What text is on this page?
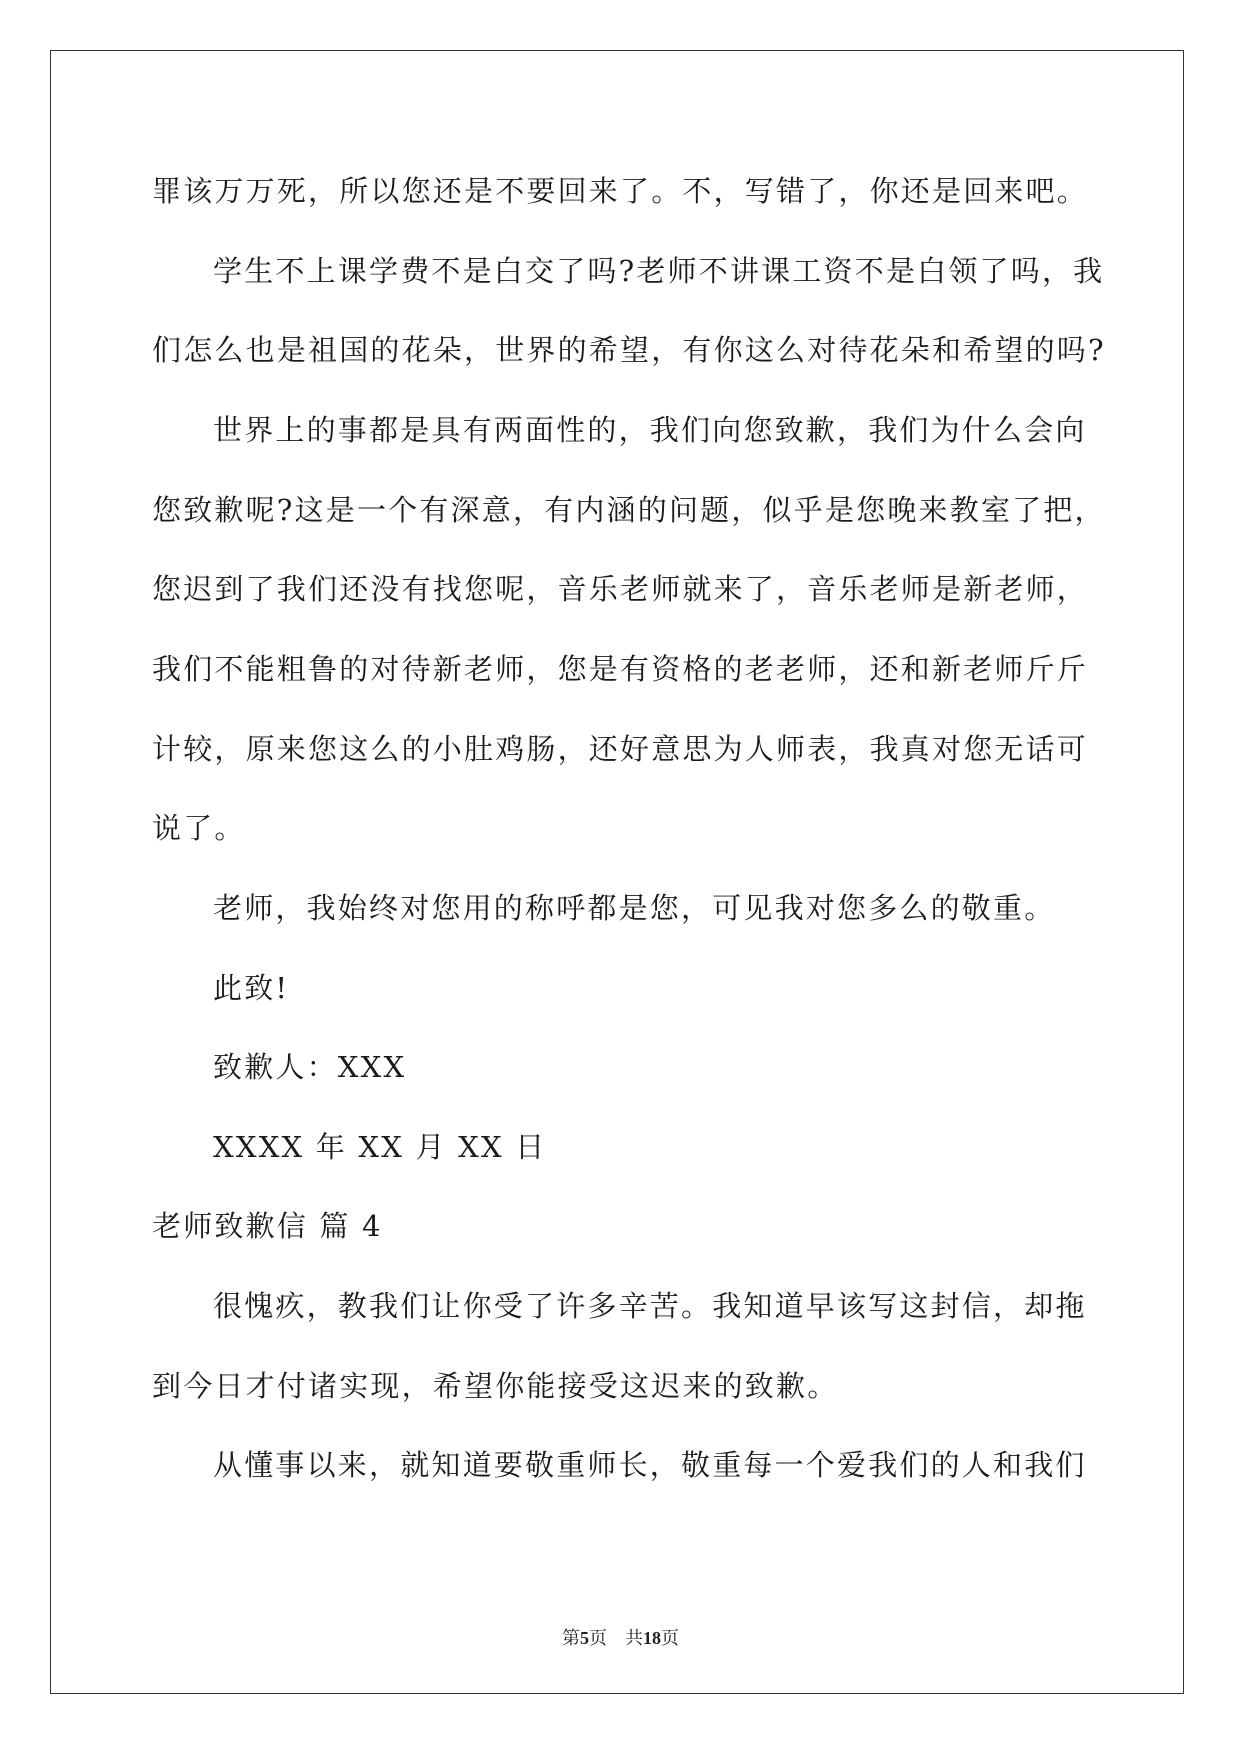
罪该万万死，所以您还是不要回来了。不，写错了，你还是回来吧。
学生不上课学费不是白交了吗?老师不讲课工资不是白领了吗，我
们怎么也是祖国的花朵，世界的希望，有你这么对待花朵和希望的吗?
世界上的事都是具有两面性的，我们向您致歉，我们为什么会向
您致歉呢?这是一个有深意，有内涵的问题，似乎是您晚来教室了把，
您迟到了我们还没有找您呢，音乐老师就来了，音乐老师是新老师，
我们不能粗鲁的对待新老师，您是有资格的老老师，还和新老师斤斤
计较，原来您这么的小肚鸡肠，还好意思为人师表，我真对您无话可
说了。
老师，我始终对您用的称呼都是您，可见我对您多么的敬重。
此致!
致歉人：XXX
XXXX 年 XX 月 XX 日
老师致歉信 篇 4
很愧疚，教我们让你受了许多辛苦。我知道早该写这封信，却拖
到今日才付诸实现，希望你能接受这迟来的致歉。
从懂事以来，就知道要敬重师长，敬重每一个爱我们的人和我们
第5页　共18页
